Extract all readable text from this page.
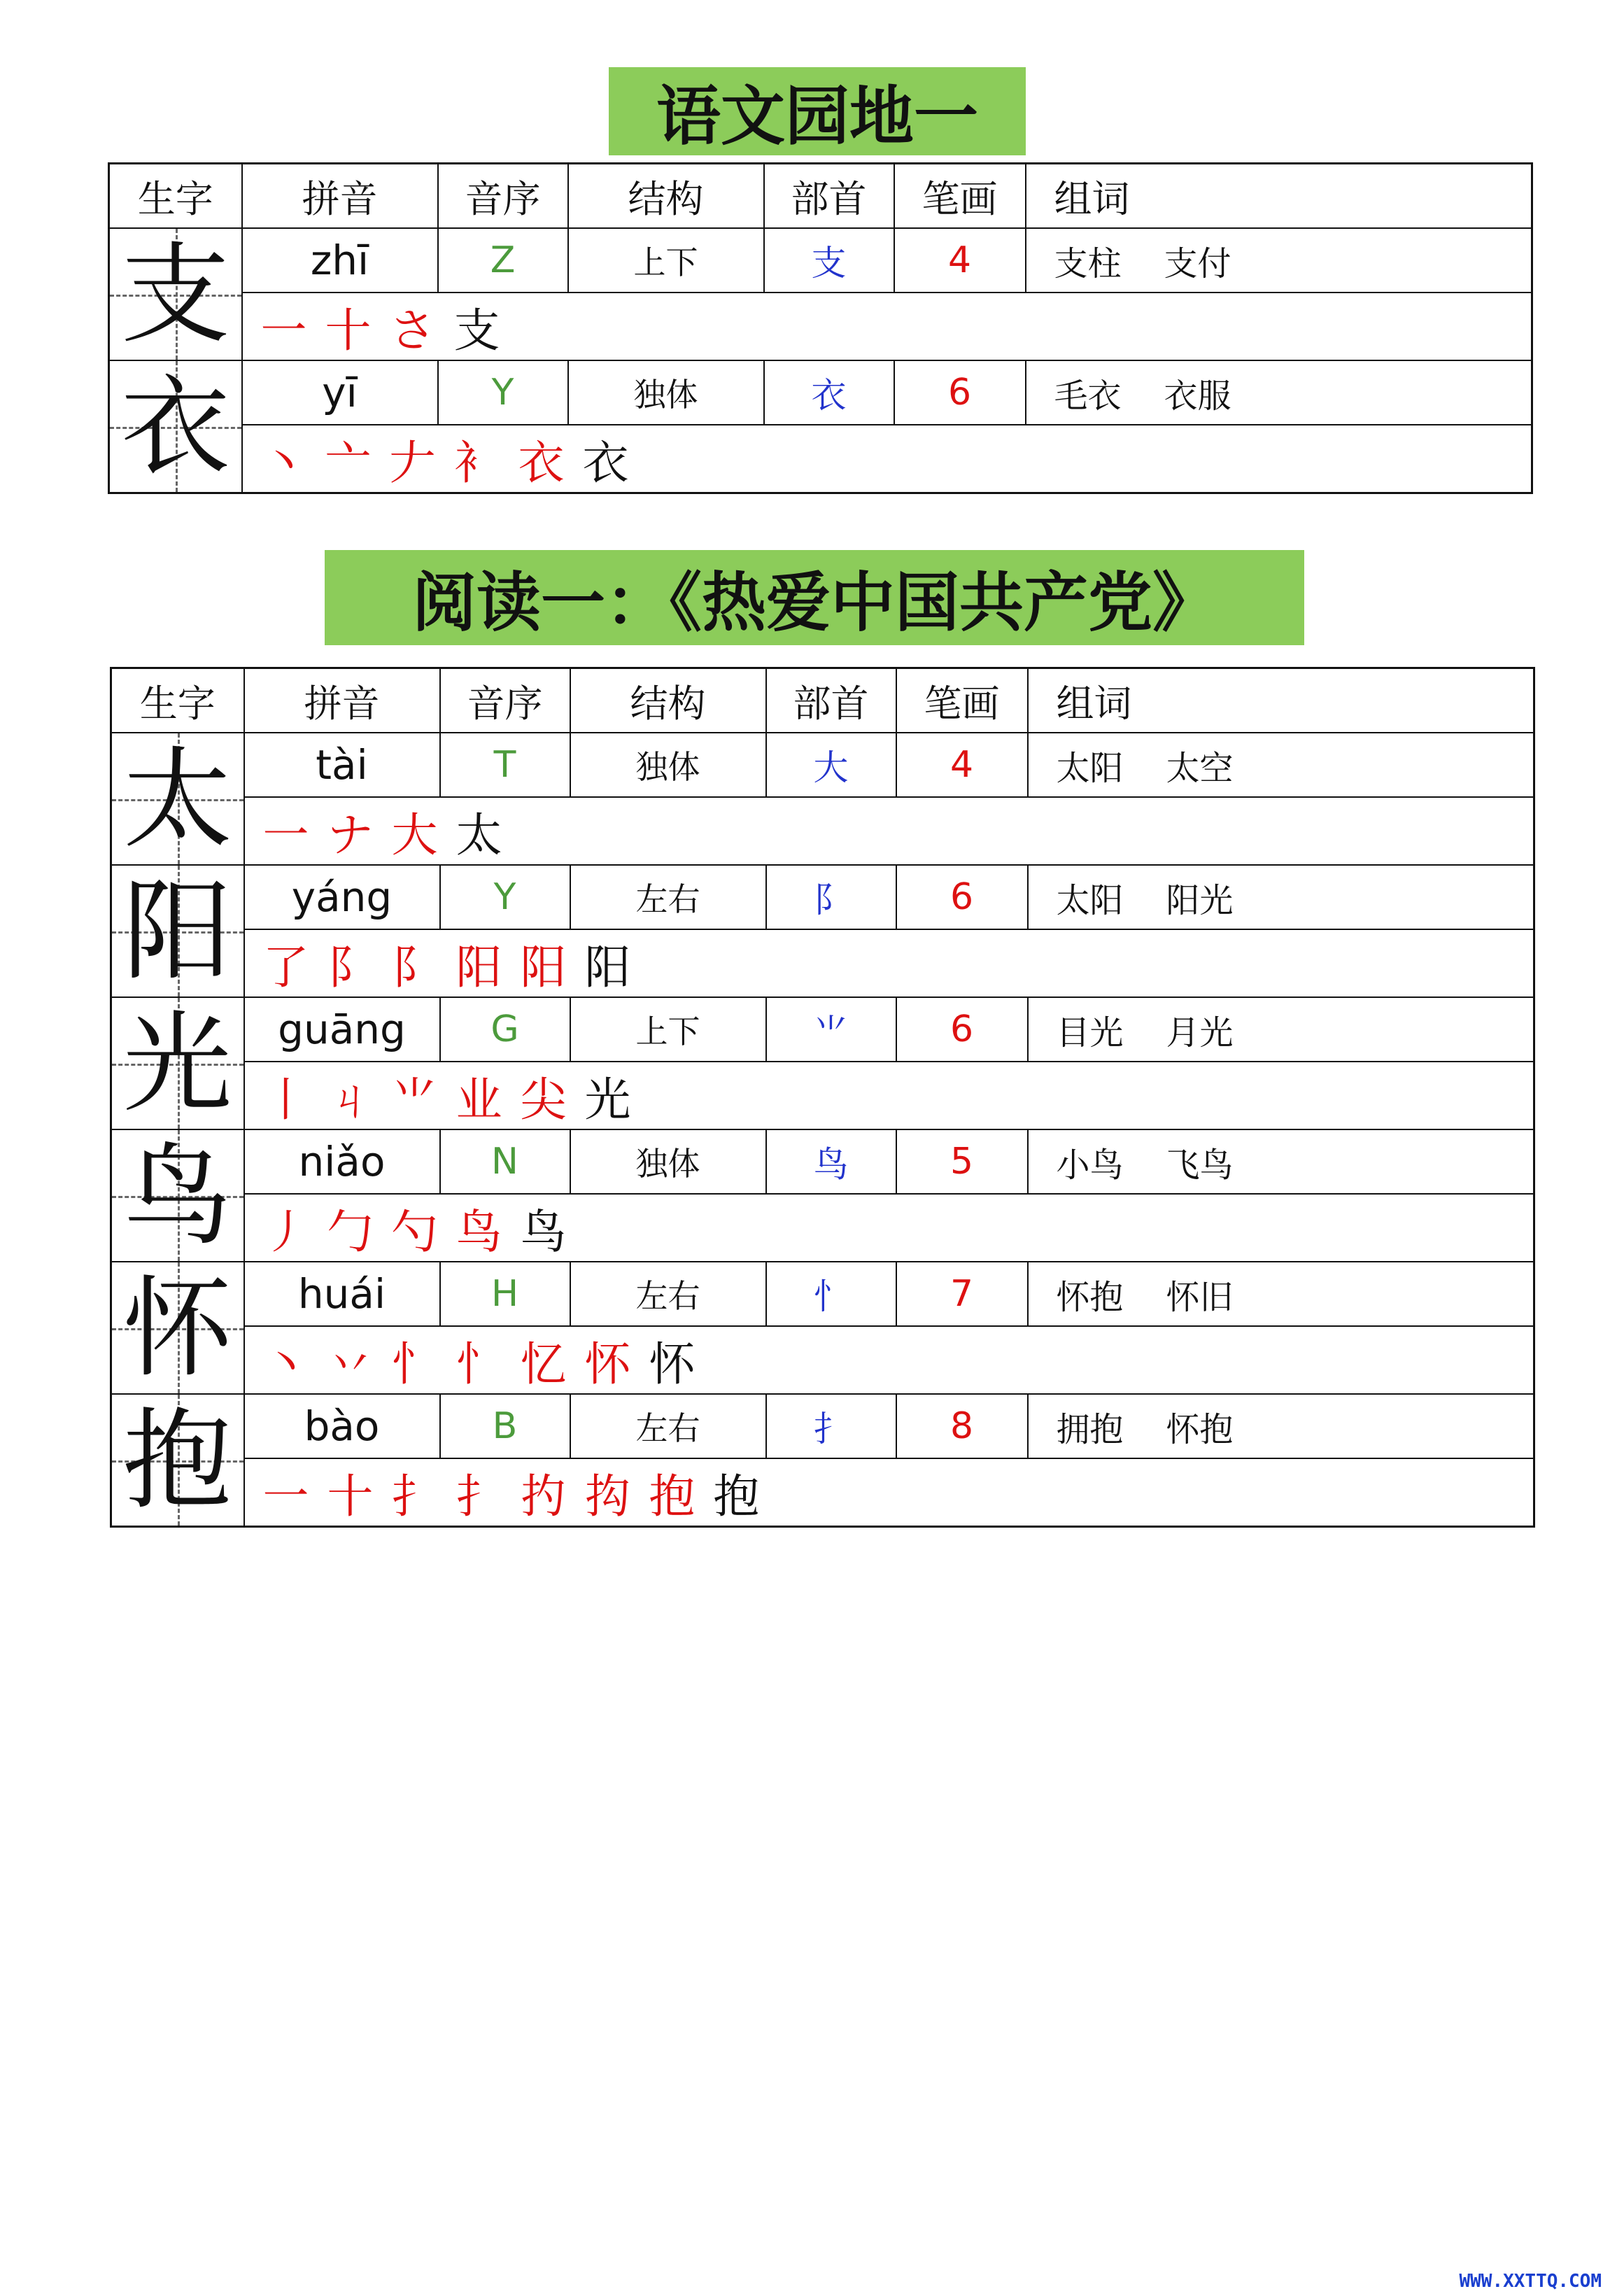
语文园地一
生字	拼音	音序	结构	部首	笔画	组词

支	zhī	Z	上下	支	4	支柱    支付
	一 十 さ 支					

衣	yī	Y	独体	衣	6	毛衣    衣服
	丶 亠 𠂇 衤 衣 衣					
阅读一：《热爱中国共产党》
生字	拼音	音序	结构	部首	笔画	组词

太	tài	T	独体	大	4	太阳    太空
	一 ナ 大 太					

阳	yáng	Y	左右	阝	6	太阳    阳光
	了 阝 阝 阳 阳 阳					

光	guāng	G	上下	⺌	6	目光    月光
	丨 ㄐ ⺌ 业 尖 光					

鸟	niǎo	N	独体	鸟	5	小鸟    飞鸟
	丿 勹 勺 鸟 鸟					

怀	huái	H	左右	忄	7	怀抱    怀旧
	丶 丷 忄 忄 忆 怀 怀					

抱	bào	B	左右	扌	8	拥抱    怀抱
	一 十 扌 扌 扚 抅 抱 抱					
WWW.XXTTQ.COM
